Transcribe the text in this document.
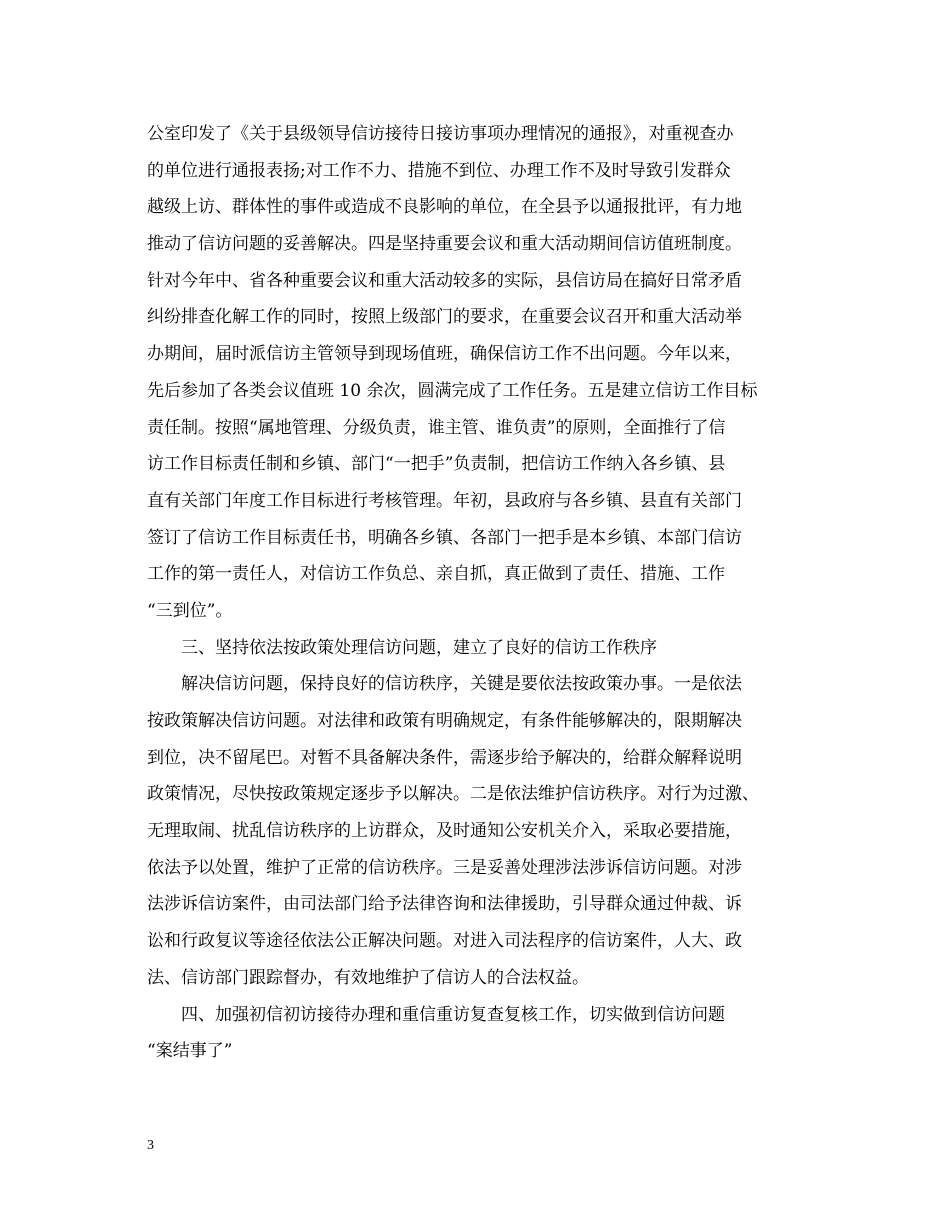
公室印发了《关于县级领导信访接待日接访事项办理情况的通报》，对重视查办
的单位进行通报表扬;对工作不力、措施不到位、办理工作不及时导致引发群众
越级上访、群体性的事件或造成不良影响的单位，在全县予以通报批评，有力地
推动了信访问题的妥善解决。四是坚持重要会议和重大活动期间信访值班制度。
针对今年中、省各种重要会议和重大活动较多的实际，县信访局在搞好日常矛盾
纠纷排查化解工作的同时，按照上级部门的要求，在重要会议召开和重大活动举
办期间，届时派信访主管领导到现场值班，确保信访工作不出问题。今年以来，
先后参加了各类会议值班 10 余次，圆满完成了工作任务。五是建立信访工作目标
责任制。按照“属地管理、分级负责，谁主管、谁负责”的原则，全面推行了信
访工作目标责任制和乡镇、部门“一把手”负责制，把信访工作纳入各乡镇、县
直有关部门年度工作目标进行考核管理。年初，县政府与各乡镇、县直有关部门
签订了信访工作目标责任书，明确各乡镇、各部门一把手是本乡镇、本部门信访
工作的第一责任人，对信访工作负总、亲自抓，真正做到了责任、措施、工作
“三到位”。
三、坚持依法按政策处理信访问题，建立了良好的信访工作秩序
解决信访问题，保持良好的信访秩序，关键是要依法按政策办事。一是依法
按政策解决信访问题。对法律和政策有明确规定，有条件能够解决的，限期解决
到位，决不留尾巴。对暂不具备解决条件，需逐步给予解决的，给群众解释说明
政策情况，尽快按政策规定逐步予以解决。二是依法维护信访秩序。对行为过激、
无理取闹、扰乱信访秩序的上访群众，及时通知公安机关介入，采取必要措施，
依法予以处置，维护了正常的信访秩序。三是妥善处理涉法涉诉信访问题。对涉
法涉诉信访案件，由司法部门给予法律咨询和法律援助，引导群众通过仲裁、诉
讼和行政复议等途径依法公正解决问题。对进入司法程序的信访案件，人大、政
法、信访部门跟踪督办，有效地维护了信访人的合法权益。
四、加强初信初访接待办理和重信重访复查复核工作，切实做到信访问题
“案结事了”
3
